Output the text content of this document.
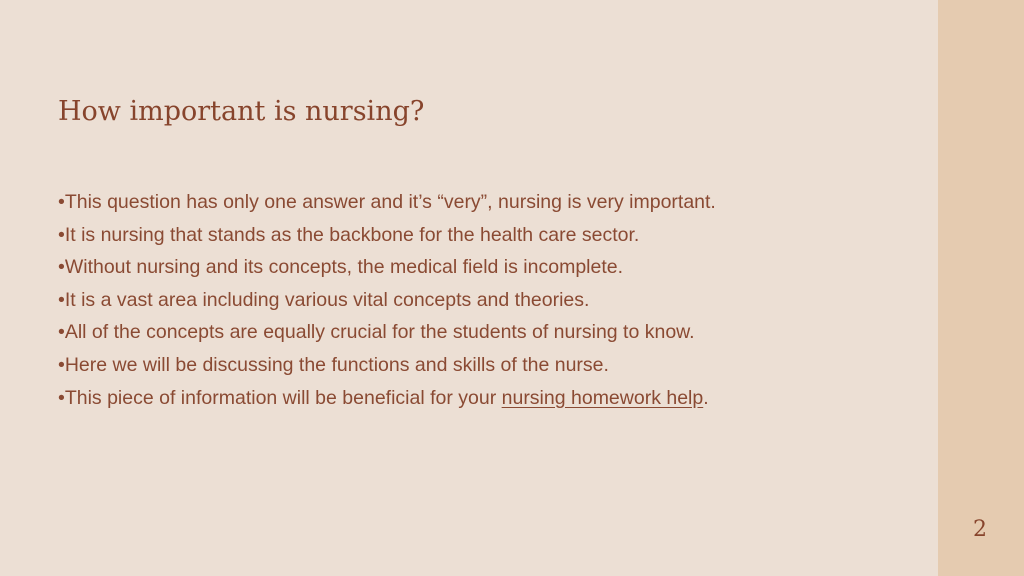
How important is nursing?

•This question has only one answer and it’s “very”, nursing is very important.

•It is nursing that stands as the backbone for the health care sector.

•Without nursing and its concepts, the medical field is incomplete.

•It is a vast area including various vital concepts and theories.

•All of the concepts are equally crucial for the students of nursing to know.

•Here we will be discussing the functions and skills of the nurse.

•This piece of information will be beneficial for your nursing homework help.

2
